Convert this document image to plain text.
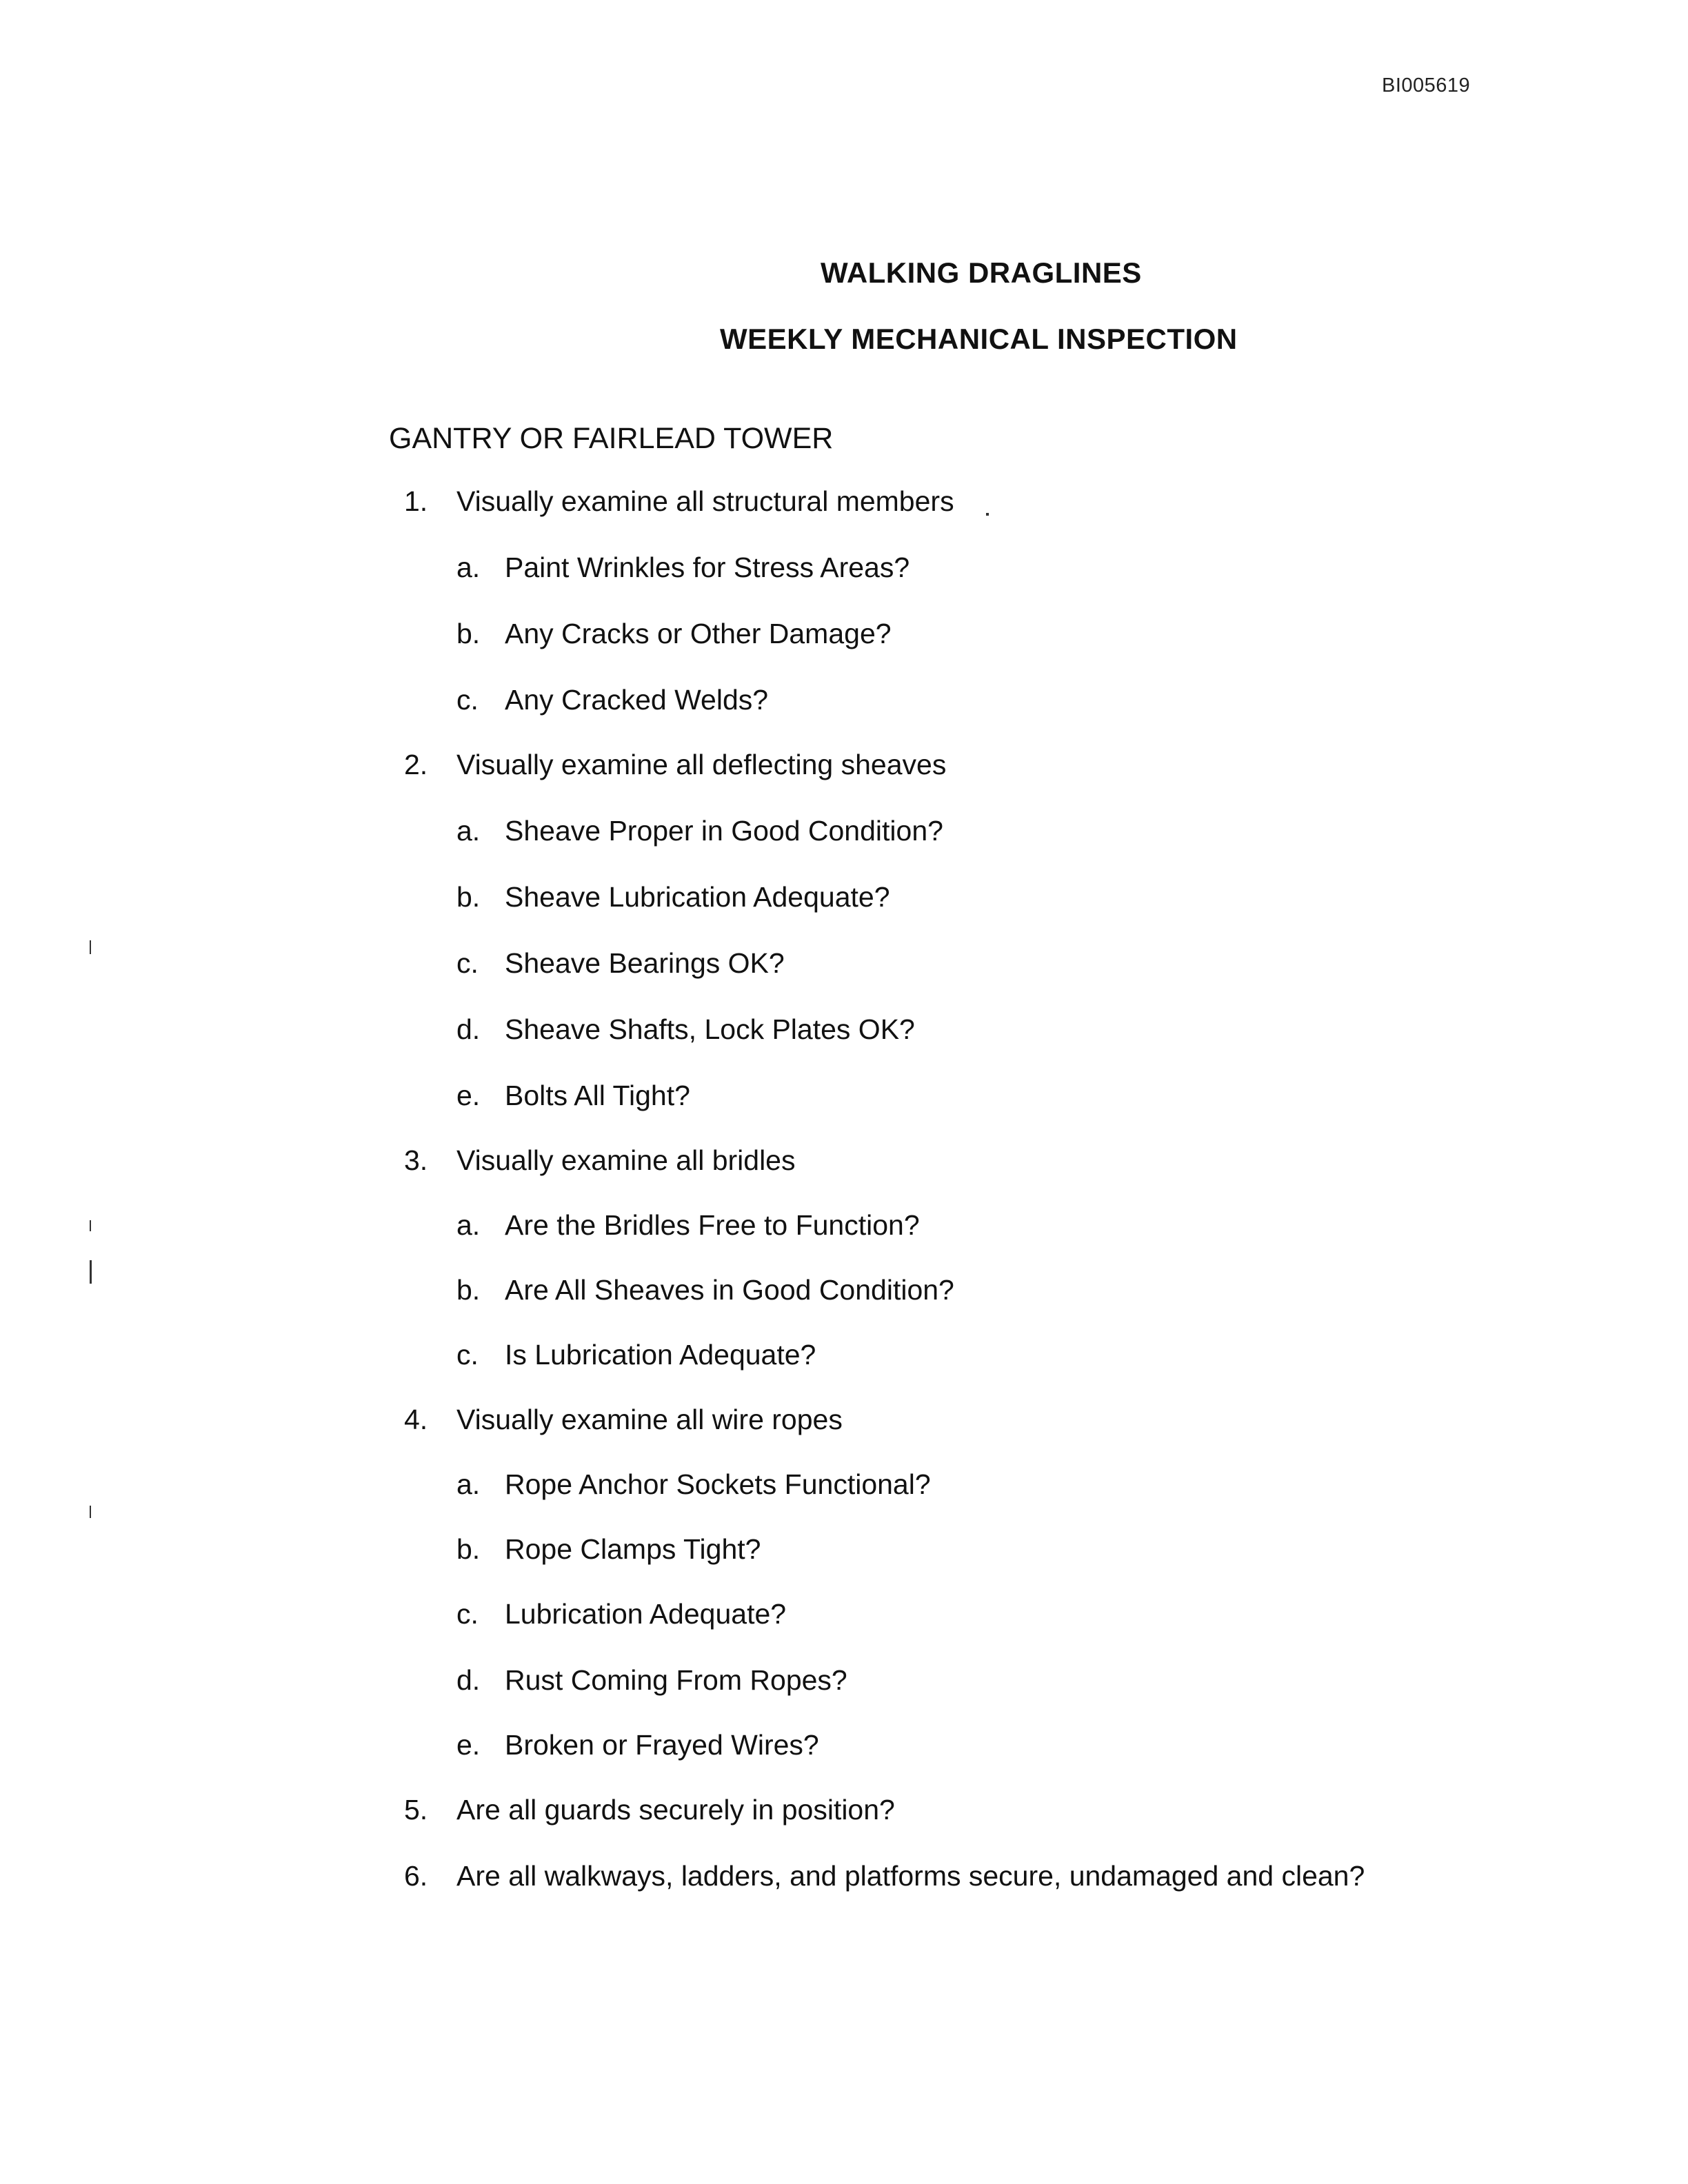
BI005619
WALKING DRAGLINES
WEEKLY MECHANICAL INSPECTION
GANTRY OR FAIRLEAD TOWER
1. Visually examine all structural members
a. Paint Wrinkles for Stress Areas?
b. Any Cracks or Other Damage?
c. Any Cracked Welds?
2. Visually examine all deflecting sheaves
a. Sheave Proper in Good Condition?
b. Sheave Lubrication Adequate?
c. Sheave Bearings OK?
d. Sheave Shafts, Lock Plates OK?
e. Bolts All Tight?
3. Visually examine all bridles
a. Are the Bridles Free to Function?
b. Are All Sheaves in Good Condition?
c. Is Lubrication Adequate?
4. Visually examine all wire ropes
a. Rope Anchor Sockets Functional?
b. Rope Clamps Tight?
c. Lubrication Adequate?
d. Rust Coming From Ropes?
e. Broken or Frayed Wires?
5. Are all guards securely in position?
6. Are all walkways, ladders, and platforms secure, undamaged and clean?
